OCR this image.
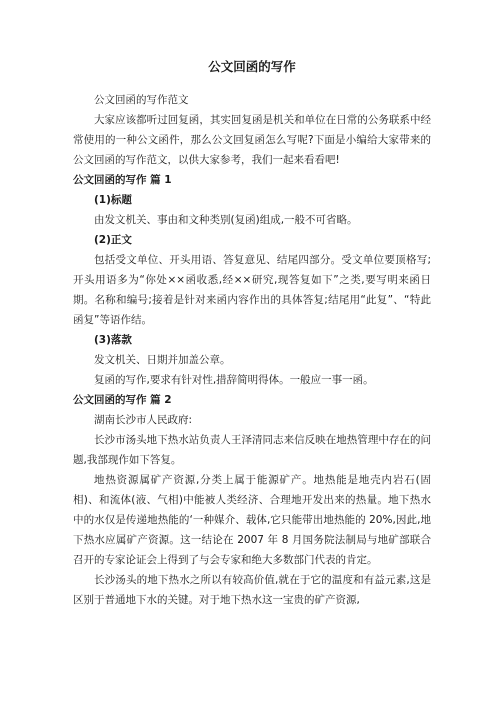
公文回函的写作

公文回函的写作范文

大家应该都听过回复函，其实回复函是机关和单位在日常的公务联系中经常使用的一种公文函件，那么公文回复函怎么写呢?下面是小编给大家带来的公文回函的写作范文，以供大家参考，我们一起来看看吧!

公文回函的写作 篇 1
(1)标题

由发文机关、事由和文种类别(复函)组成,一般不可省略。

(2)正文

包括受文单位、开头用语、答复意见、结尾四部分。受文单位要顶格写;开头用语多为“你处××函收悉,经××研究,现答复如下”之类,要写明来函日期。名称和编号;接着是针对来函内容作出的具体答复;结尾用“此复”、“特此函复”等语作结。

(3)落款

发文机关、日期并加盖公章。

复函的写作,要求有针对性,措辞简明得体。一般应一事一函。

公文回函的写作 篇 2

湖南长沙市人民政府:

长沙市汤头地下热水站负责人王泽清同志来信反映在地热管理中存在的问题,我部现作如下答复。

地热资源属矿产资源,分类上属于能源矿产。地热能是地壳内岩石(固相)、和流体(液、气相)中能被人类经济、合理地开发出来的热量。地下热水中的水仅是传递地热能的‘一种媒介、载体,它只能带出地热能的 20%,因此,地下热水应属矿产资源。这一结论在 2007 年 8 月国务院法制局与地矿部联合召开的专家论证会上得到了与会专家和绝大多数部门代表的肯定。

长沙汤头的地下热水之所以有较高价值,就在于它的温度和有益元素,这是区别于普通地下水的关键。对于地下热水这一宝贵的矿产资源,
